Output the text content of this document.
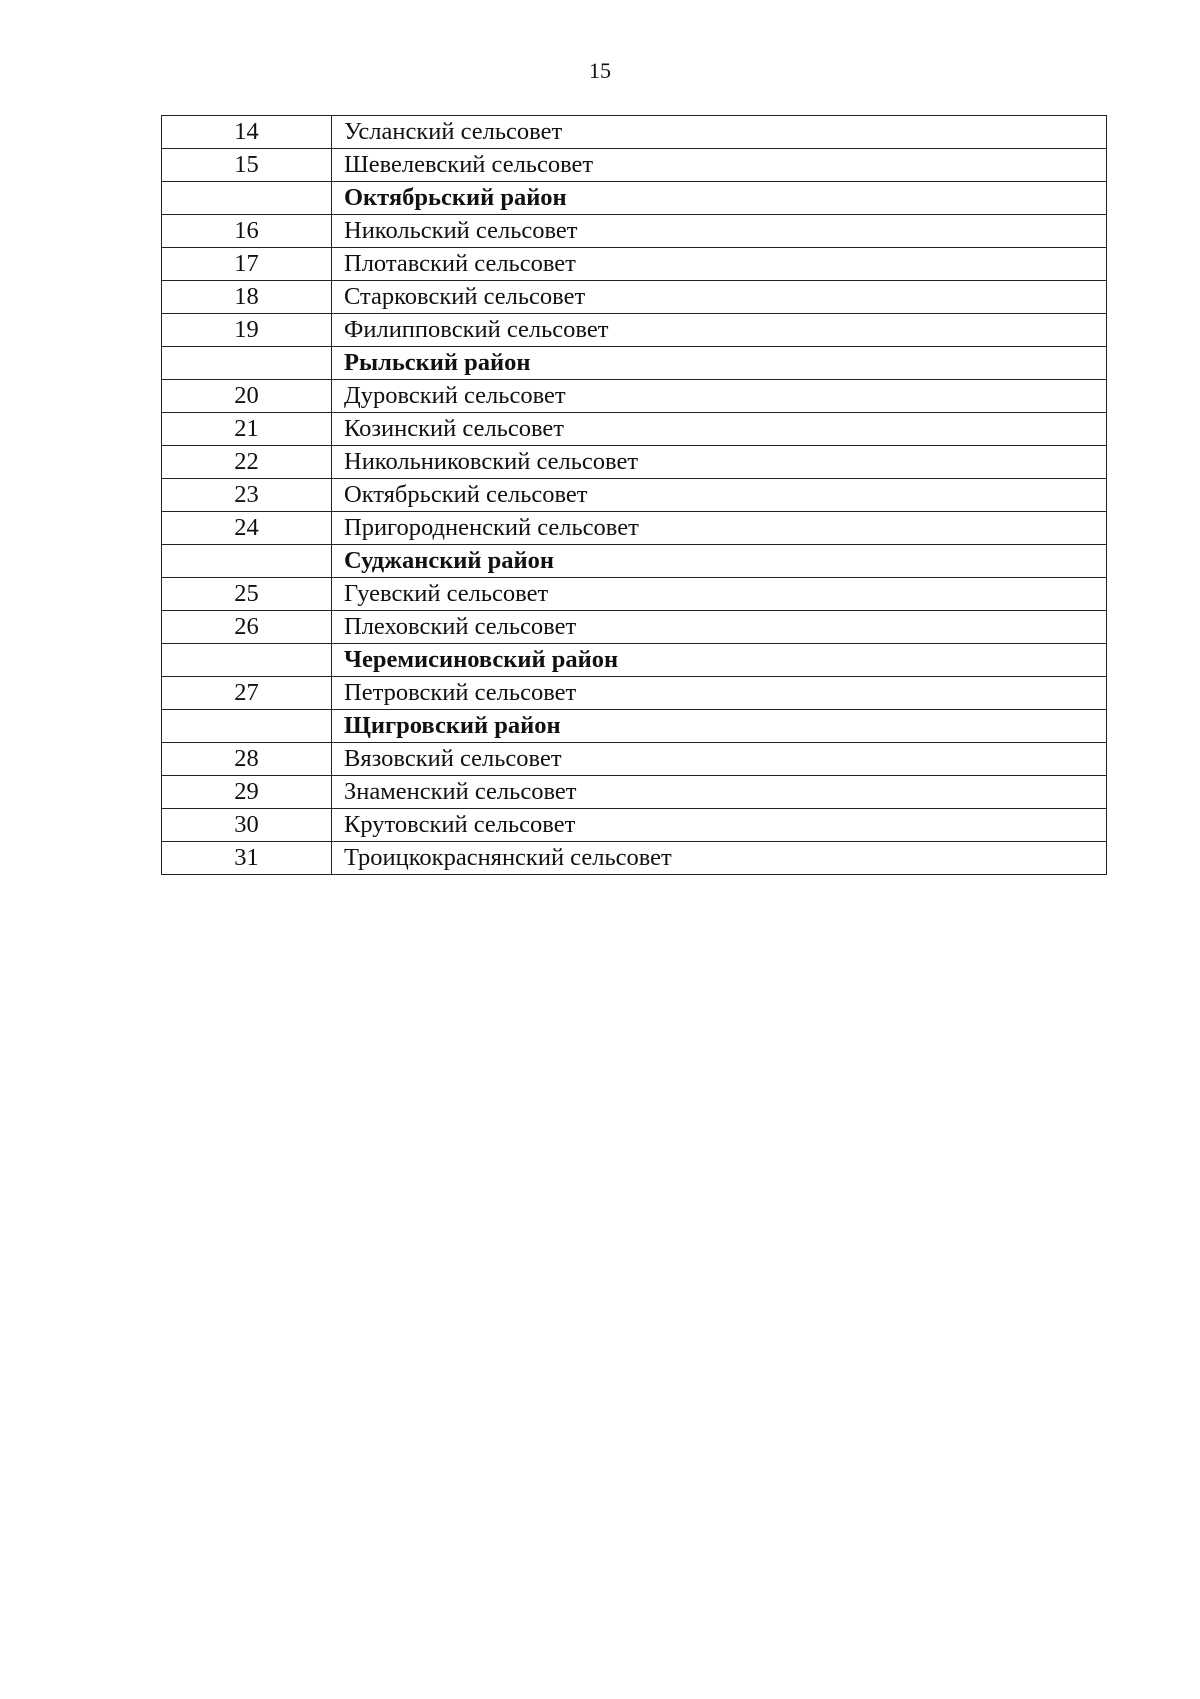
15
14	Усланский сельсовет
15	Шевелевский сельсовет
	Октябрьский район
16	Никольский сельсовет
17	Плотавский сельсовет
18	Старковский сельсовет
19	Филипповский сельсовет
	Рыльский район
20	Дуровский сельсовет
21	Козинский сельсовет
22	Никольниковский сельсовет
23	Октябрьский сельсовет
24	Пригородненский сельсовет
	Суджанский район
25	Гуевский сельсовет
26	Плеховский сельсовет
	Черемисиновский район
27	Петровский сельсовет
	Щигровский район
28	Вязовский сельсовет
29	Знаменский сельсовет
30	Крутовский сельсовет
31	Троицкокраснянский сельсовет
